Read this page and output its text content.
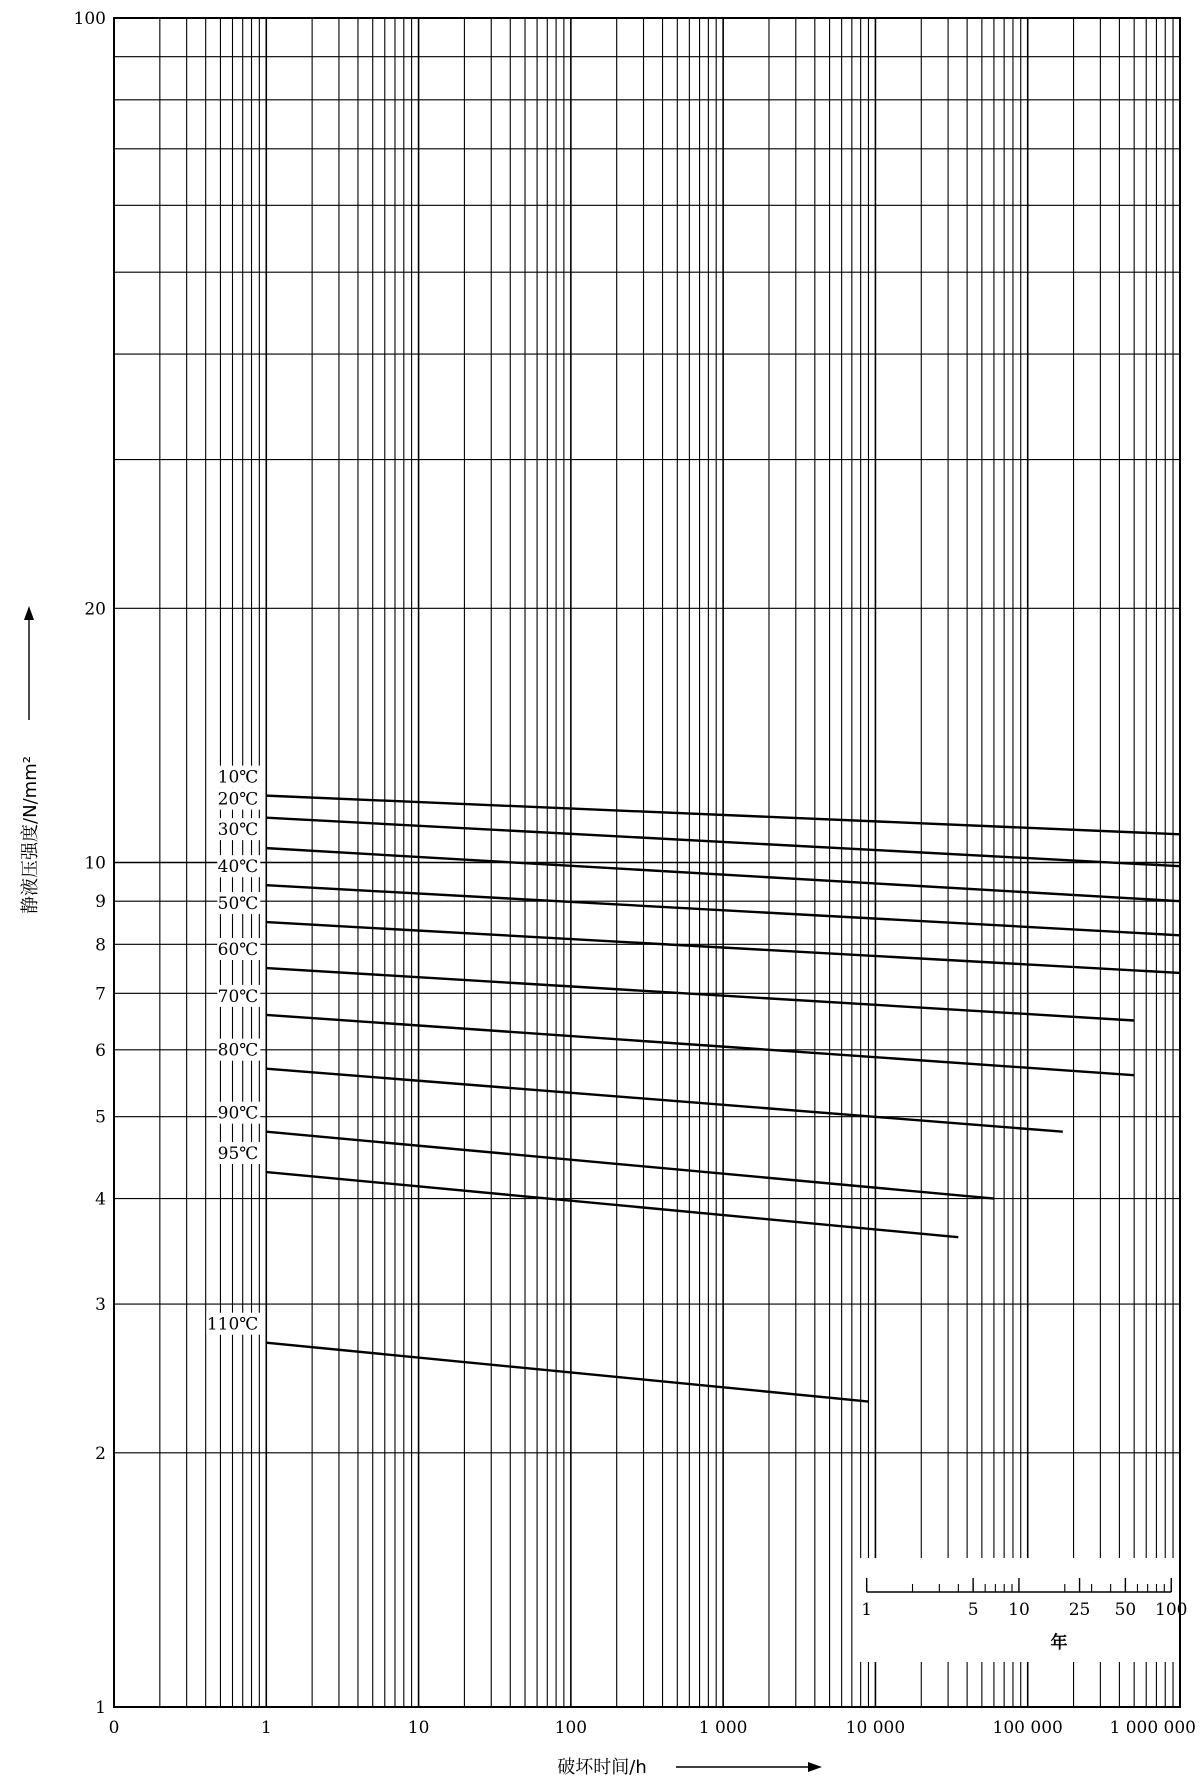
10℃
20℃
30℃
40℃
50℃
60℃
70℃
80℃
90℃
95℃
110℃
0	1	10	100	1 000	10 000	100 000	1 000 000
1
2
3
4
5
6
7
8
9
10
20
100
1	5 10 25 50 100
年
破坏时间/h
静液压强度/N/mm²
